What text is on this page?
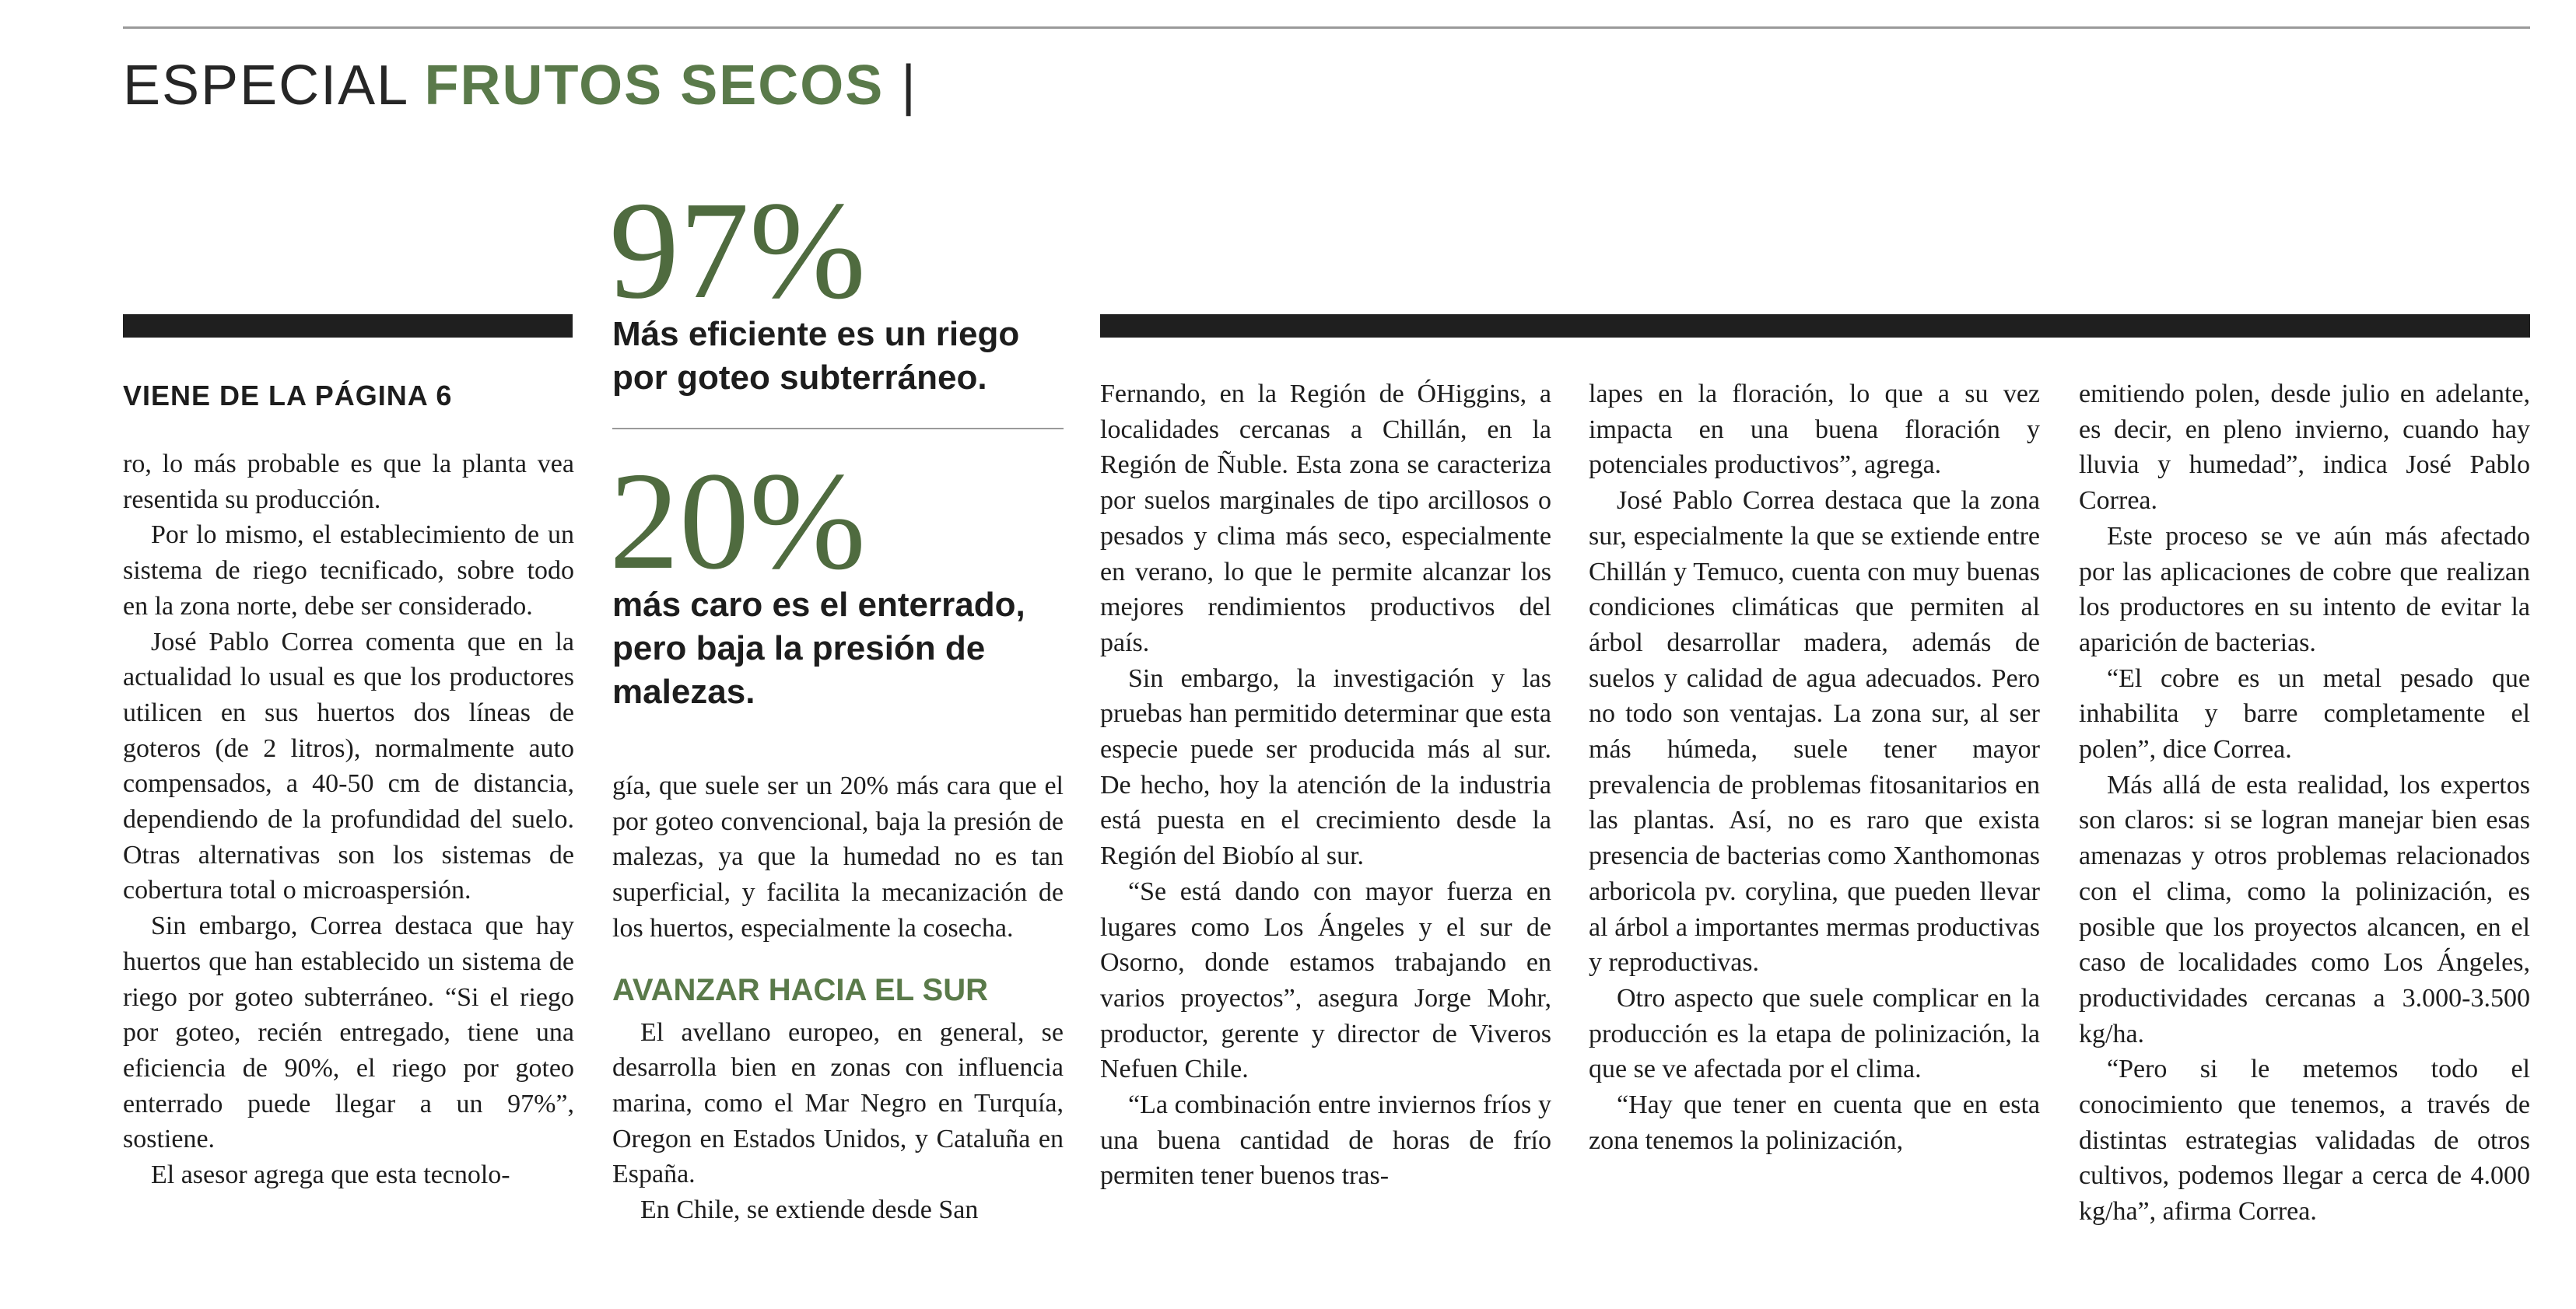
ESPECIAL FRUTOS SECOS |
VIENE DE LA PÁGINA 6
97%
Más eficiente es un riego por goteo subterráneo.
20%
más caro es el enterrado, pero baja la presión de malezas.

ro, lo más probable es que la planta vea resentida su producción.

Por lo mismo, el establecimiento de un sistema de riego tecnificado, sobre todo en la zona norte, debe ser considerado.

José Pablo Correa comenta que en la actualidad lo usual es que los productores utilicen en sus huertos dos líneas de goteros (de 2 litros), normalmente auto compensados, a 40-50 cm de distancia, dependiendo de la profundidad del suelo. Otras alternativas son los sistemas de cobertura total o microaspersión.

Sin embargo, Correa destaca que hay huertos que han establecido un sistema de riego por goteo subterráneo. “Si el riego por goteo, recién entregado, tiene una eficiencia de 90%, el riego por goteo enterrado puede llegar a un 97%”, sostiene.

El asesor agrega que esta tecnolo-

gía, que suele ser un 20% más cara que el por goteo convencional, baja la presión de malezas, ya que la humedad no es tan superficial, y facilita la mecanización de los huertos, especialmente la cosecha.

AVANZAR HACIA EL SUR

El avellano europeo, en general, se desarrolla bien en zonas con influencia marina, como el Mar Negro en Turquía, Oregon en Estados Unidos, y Cataluña en España.

En Chile, se extiende desde San

Fernando, en la Región de ÓHiggins, a localidades cercanas a Chillán, en la Región de Ñuble. Esta zona se caracteriza por suelos marginales de tipo arcillosos o pesados y clima más seco, especialmente en verano, lo que le permite alcanzar los mejores rendimientos productivos del país.

Sin embargo, la investigación y las pruebas han permitido determinar que esta especie puede ser producida más al sur. De hecho, hoy la atención de la industria está puesta en el crecimiento desde la Región del Biobío al sur.

“Se está dando con mayor fuerza en lugares como Los Ángeles y el sur de Osorno, donde estamos trabajando en varios proyectos”, asegura Jorge Mohr, productor, gerente y director de Viveros Nefuen Chile.

“La combinación entre inviernos fríos y una buena cantidad de horas de frío permiten tener buenos tras-

lapes en la floración, lo que a su vez impacta en una buena floración y potenciales productivos”, agrega.

José Pablo Correa destaca que la zona sur, especialmente la que se extiende entre Chillán y Temuco, cuenta con muy buenas condiciones climáticas que permiten al árbol desarrollar madera, además de suelos y calidad de agua adecuados. Pero no todo son ventajas. La zona sur, al ser más húmeda, suele tener mayor prevalencia de problemas fitosanitarios en las plantas. Así, no es raro que exista presencia de bacterias como Xanthomonas arboricola pv. corylina, que pueden llevar al árbol a importantes mermas productivas y reproductivas.

Otro aspecto que suele complicar en la producción es la etapa de polinización, la que se ve afectada por el clima.

“Hay que tener en cuenta que en esta zona tenemos la polinización,

emitiendo polen, desde julio en adelante, es decir, en pleno invierno, cuando hay lluvia y humedad”, indica José Pablo Correa.

Este proceso se ve aún más afectado por las aplicaciones de cobre que realizan los productores en su intento de evitar la aparición de bacterias.

“El cobre es un metal pesado que inhabilita y barre completamente el polen”, dice Correa.

Más allá de esta realidad, los expertos son claros: si se logran manejar bien esas amenazas y otros problemas relacionados con el clima, como la polinización, es posible que los proyectos alcancen, en el caso de localidades como Los Ángeles, productividades cercanas a 3.000-3.500 kg/ha.

“Pero si le metemos todo el conocimiento que tenemos, a través de distintas estrategias validadas de otros cultivos, podemos llegar a cerca de 4.000 kg/ha”, afirma Correa.
